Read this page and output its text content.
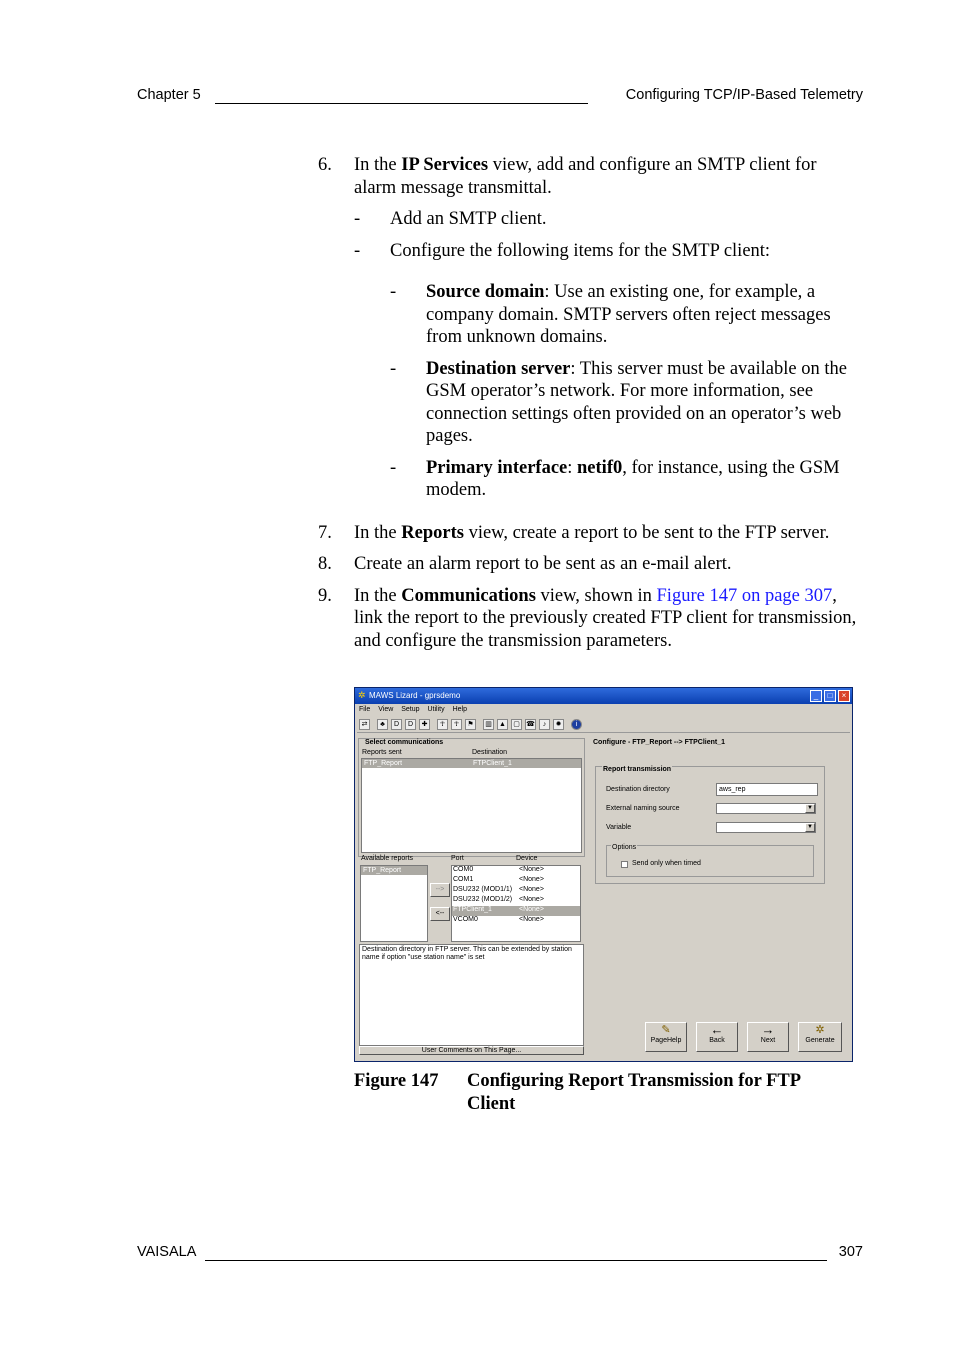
Chapter 5	Configuring TCP/IP-Based Telemetry
6. In the IP Services view, add and configure an SMTP client for alarm message transmittal.
- Add an SMTP client.
- Configure the following items for the SMTP client:
- Source domain: Use an existing one, for example, a company domain. SMTP servers often reject messages from unknown domains.
- Destination server: This server must be available on the GSM operator’s network. For more information, see connection settings often provided on an operator’s web pages.
- Primary interface: netif0, for instance, using the GSM modem.
7. In the Reports view, create a report to be sent to the FTP server.
8. Create an alarm report to be sent as an e-mail alert.
9. In the Communications view, shown in Figure 147 on page 307, link the report to the previously created FTP client for transmission, and configure the transmission parameters.
✲ MAWS Lizard - gprsdemo	_	□	×
File View Setup Utility Help
⇄	♣	D	D	✚	☥	☥	⚑	▥	▲	▢ ☎	♪	✹	i
Select communications
Reports sent	Destination
FTP_Report	FTPClient_1
Available reports	Port	Device
FTP_Report
-->
<--
COM0	<None>
COM1	<None>
DSU232 (MOD1/1) <None>
DSU232 (MOD1/2) <None>
FTPClient_1	<None>
VCOM0	<None>
Destination directory in FTP server. This can be extended by station name if option "use station name" is set
User Comments on This Page...
Configure - FTP_Report --> FTPClient_1
Report transmission
Destination directory	aws_rep
External naming source	▼
Variable	▼
Options
Send only when timed
✎
PageHelp
←
Back
→
Next
✲
Generate
Figure 147 Configuring Report Transmission for FTP Client
VAISALA	307
